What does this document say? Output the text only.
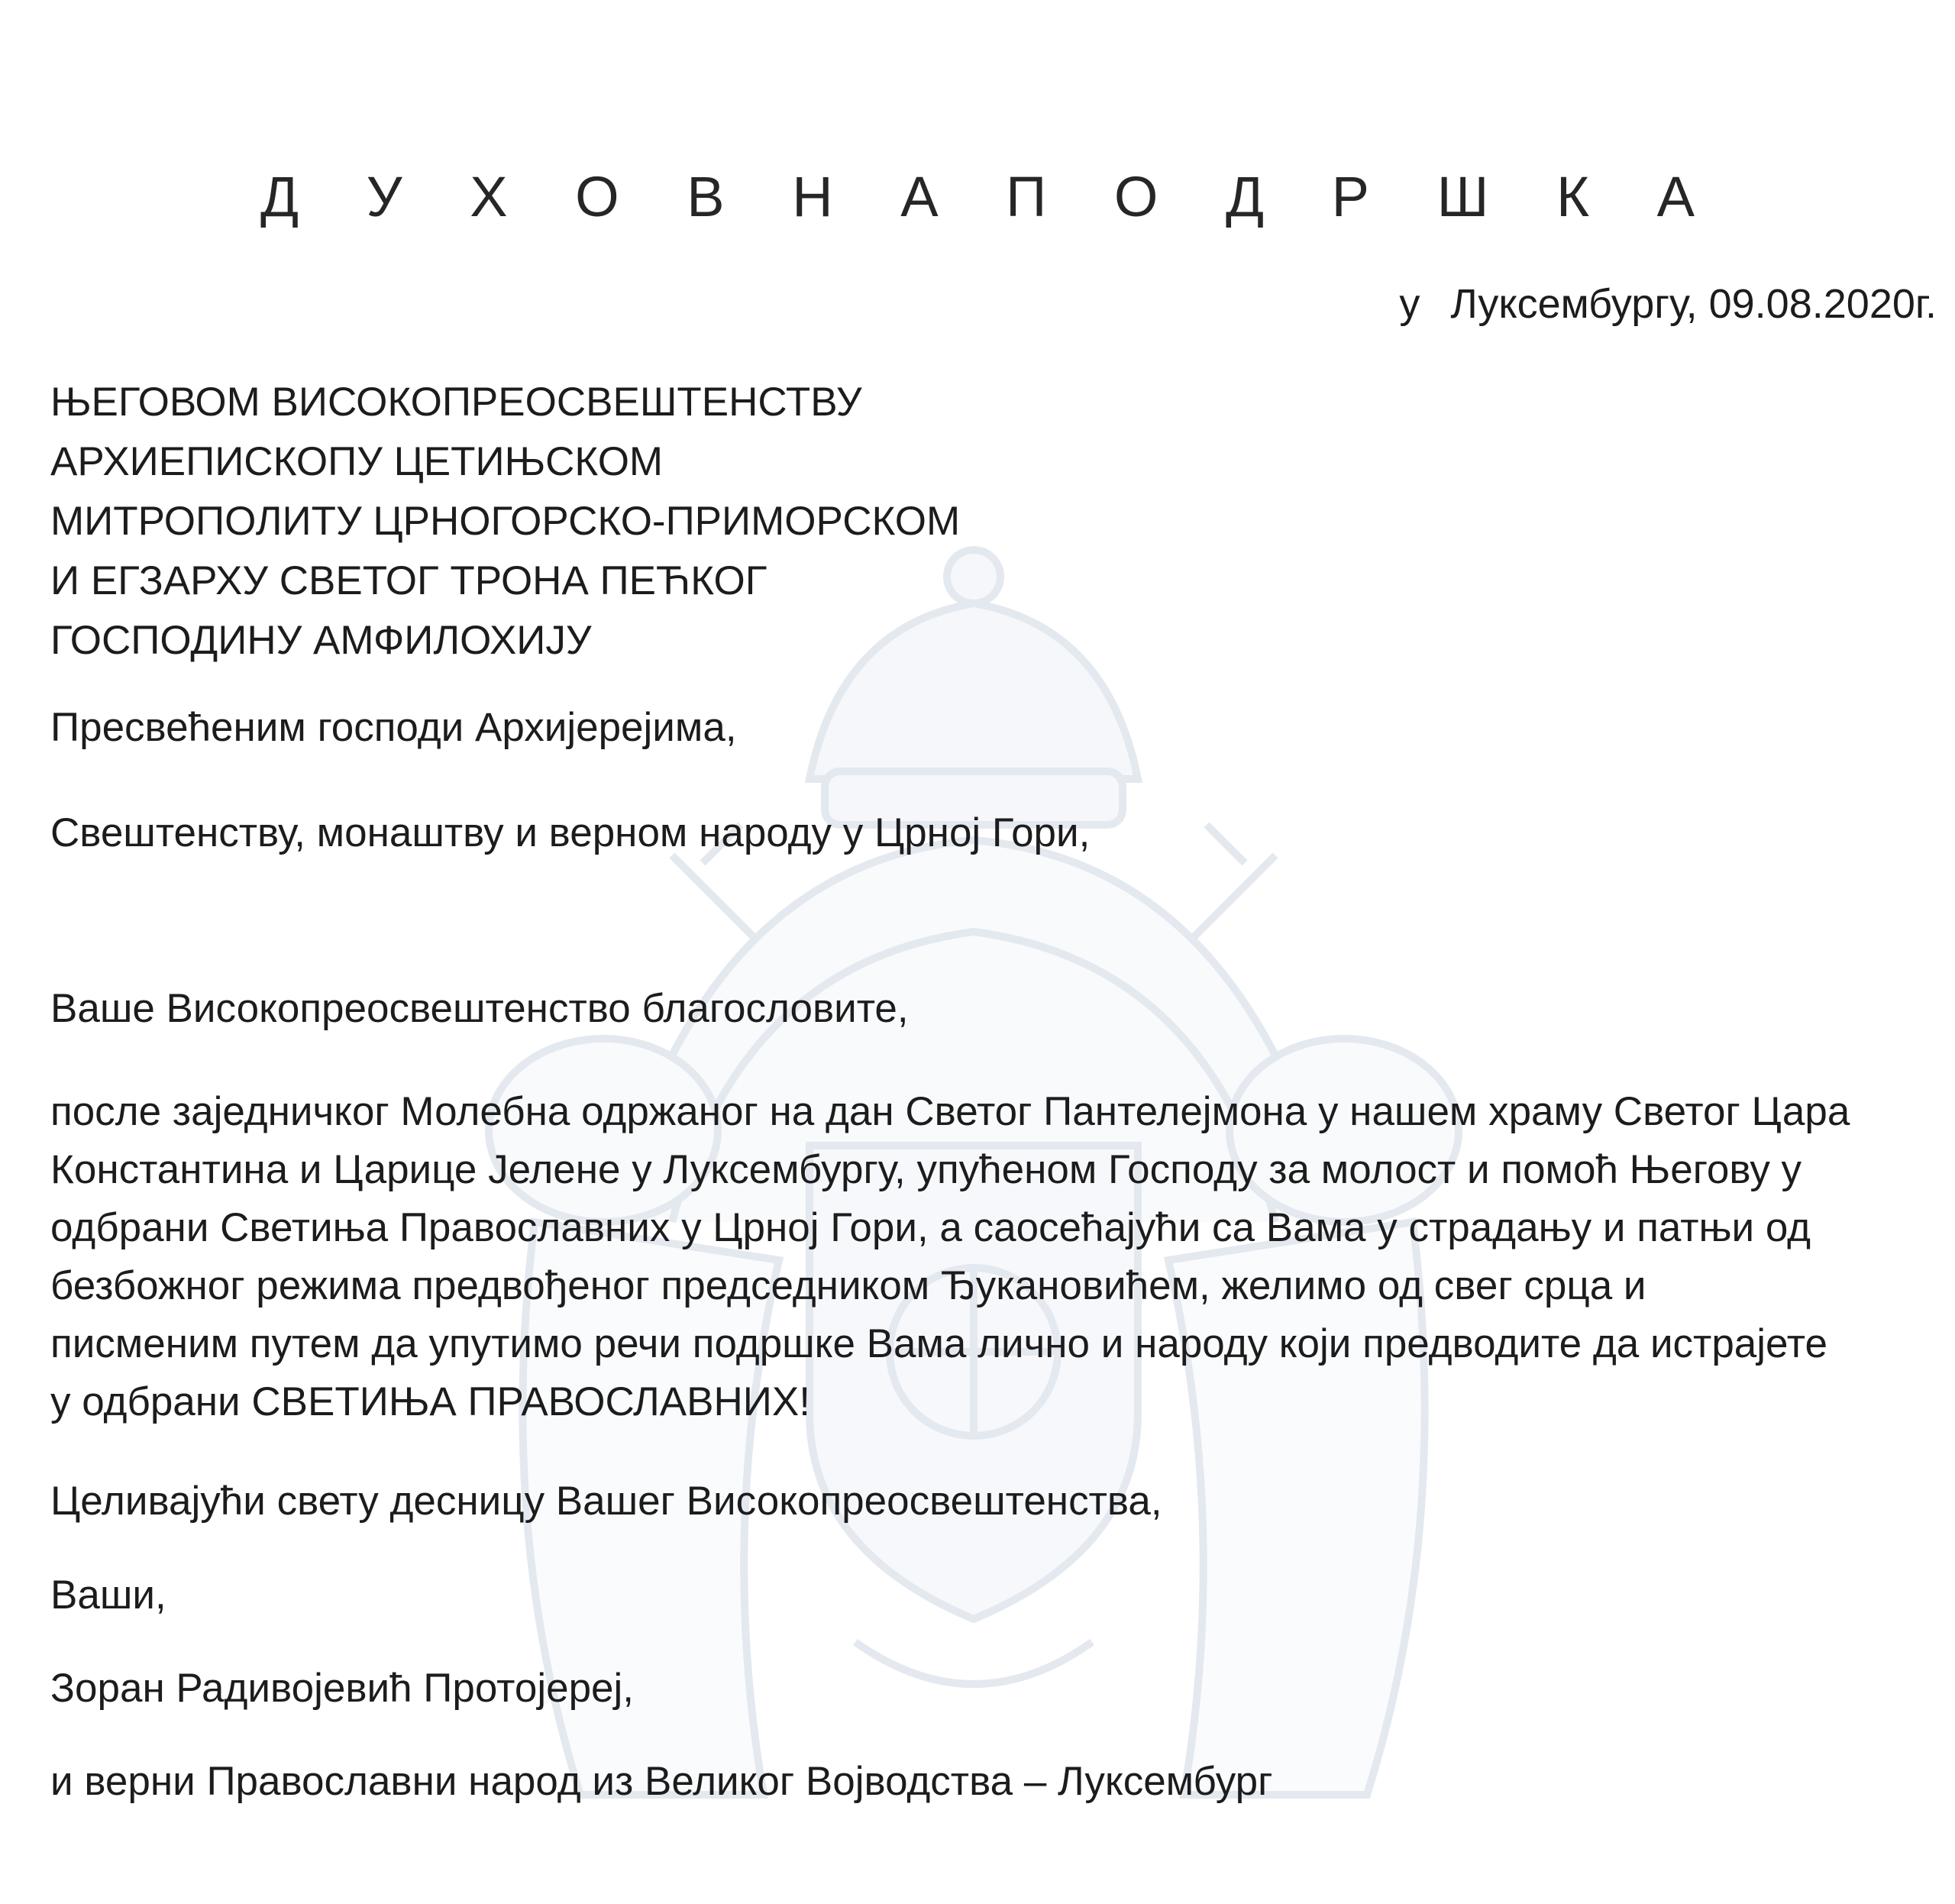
Д У Х О В Н А П О Д Р Ш К А
у Луксембургу, 09.08.2020г.
ЊЕГОВОМ ВИСОКОПРЕОСВЕШТЕНСТВУ
АРХИЕПИСКОПУ ЦЕТИЊСКОМ
МИТРОПОЛИТУ ЦРНОГОРСКО-ПРИМОРСКОМ
И ЕГЗАРХУ СВЕТОГ ТРОНА ПЕЋКОГ
ГОСПОДИНУ АМФИЛОХИЈУ
Пресвећеним господи Архијерејима,
Свештенству, монаштву и верном народу у Црној Гори,
Ваше Високопреосвештенство благословите,

после заједничког Молебна одржаног на дан Светог Пантелејмона у нашем храму Светог Цара
Константина и Царице Јелене у Луксембургу, упућеном Господу за молост и помоћ Његову у
одбрани Светиња Православних у Црној Гори, а саосећајући са Вама у страдању и патњи од
безбожног режима предвођеног председником Ђукановићем, желимо од свег срца и
писменим путем да упутимо речи подршке Вама лично и народу који предводите да истрајете
у одбрани СВЕТИЊА ПРАВОСЛАВНИХ!

Целивајући свету десницу Вашег Високопреосвештенства,
Ваши,
Зоран Радивојевић Протојереј,
и верни Православни народ из Великог Војводства – Луксембург
